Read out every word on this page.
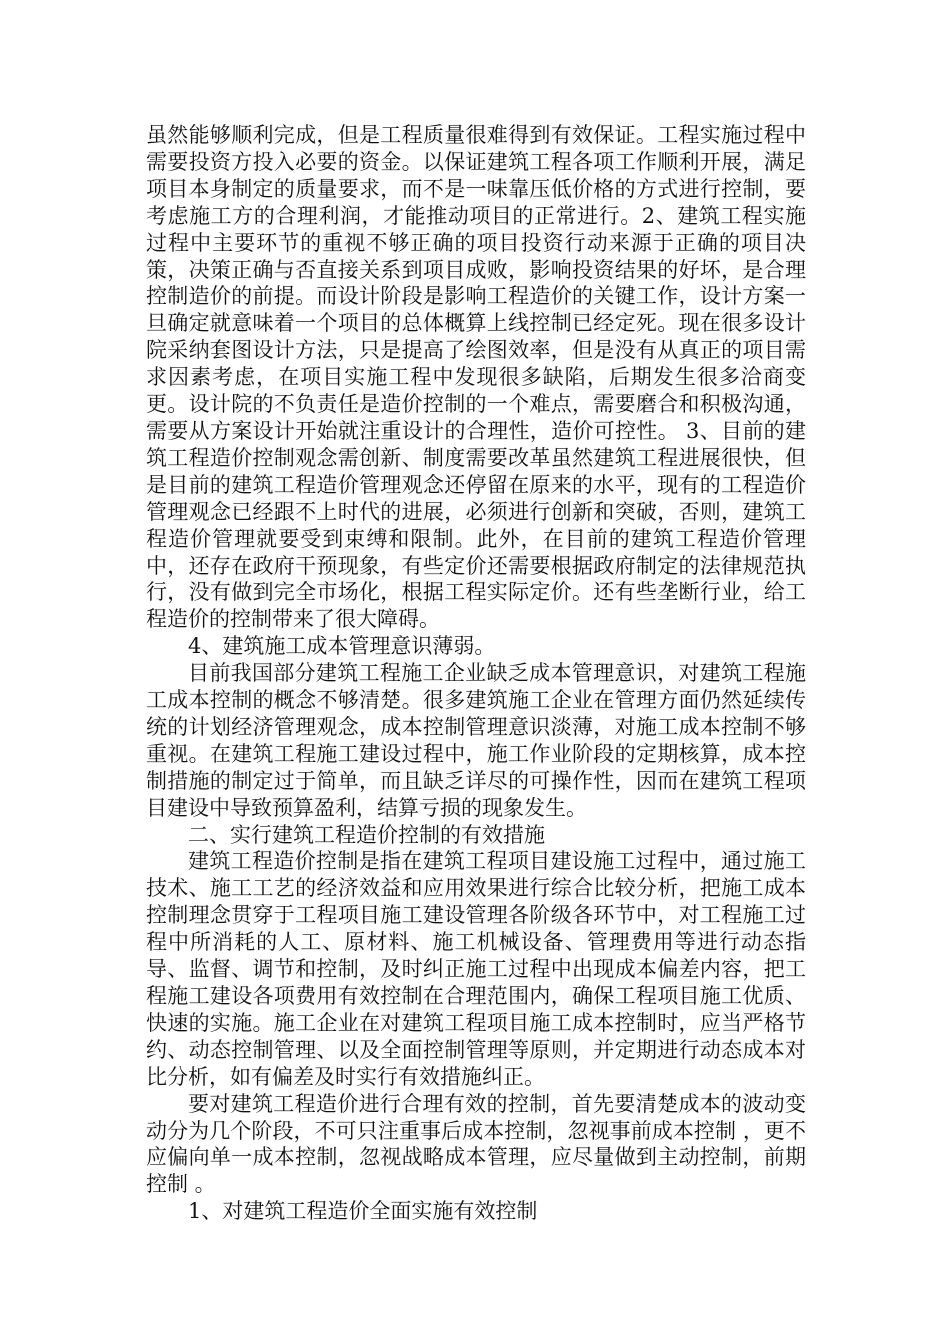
虽然能够顺利完成，但是工程质量很难得到有效保证。工程实施过程中需要投资方投入必要的资金。以保证建筑工程各项工作顺利开展，满足项目本身制定的质量要求，而不是一味靠压低价格的方式进行控制，要考虑施工方的合理利润，才能推动项目的正常进行。2、建筑工程实施过程中主要环节的重视不够正确的项目投资行动来源于正确的项目决策，决策正确与否直接关系到项目成败，影响投资结果的好坏，是合理控制造价的前提。而设计阶段是影响工程造价的关键工作，设计方案一旦确定就意味着一个项目的总体概算上线控制已经定死。现在很多设计院采纳套图设计方法，只是提高了绘图效率，但是没有从真正的项目需求因素考虑，在项目实施工程中发现很多缺陷，后期发生很多洽商变更。设计院的不负责任是造价控制的一个难点，需要磨合和积极沟通，需要从方案设计开始就注重设计的合理性，造价可控性。 3、目前的建筑工程造价控制观念需创新、制度需要改革虽然建筑工程进展很快，但是目前的建筑工程造价管理观念还停留在原来的水平，现有的工程造价管理观念已经跟不上时代的进展，必须进行创新和突破，否则，建筑工程造价管理就要受到束缚和限制。此外，在目前的建筑工程造价管理中，还存在政府干预现象，有些定价还需要根据政府制定的法律规范执行，没有做到完全市场化，根据工程实际定价。还有些垄断行业，给工程造价的控制带来了很大障碍。

4、建筑施工成本管理意识薄弱。

目前我国部分建筑工程施工企业缺乏成本管理意识，对建筑工程施工成本控制的概念不够清楚。很多建筑施工企业在管理方面仍然延续传统的计划经济管理观念，成本控制管理意识淡薄，对施工成本控制不够重视。在建筑工程施工建设过程中，施工作业阶段的定期核算，成本控制措施的制定过于简单，而且缺乏详尽的可操作性，因而在建筑工程项目建设中导致预算盈利，结算亏损的现象发生。

二、实行建筑工程造价控制的有效措施

建筑工程造价控制是指在建筑工程项目建设施工过程中，通过施工技术、施工工艺的经济效益和应用效果进行综合比较分析，把施工成本控制理念贯穿于工程项目施工建设管理各阶级各环节中，对工程施工过程中所消耗的人工、原材料、施工机械设备、管理费用等进行动态指导、监督、调节和控制，及时纠正施工过程中出现成本偏差内容，把工程施工建设各项费用有效控制在合理范围内，确保工程项目施工优质、快速的实施。施工企业在对建筑工程项目施工成本控制时，应当严格节约、动态控制管理、以及全面控制管理等原则，并定期进行动态成本对比分析，如有偏差及时实行有效措施纠正。

要对建筑工程造价进行合理有效的控制，首先要清楚成本的波动变动分为几个阶段，不可只注重事后成本控制，忽视事前成本控制 ，更不应偏向单一成本控制，忽视战略成本管理，应尽量做到主动控制，前期控制 。

1、对建筑工程造价全面实施有效控制
